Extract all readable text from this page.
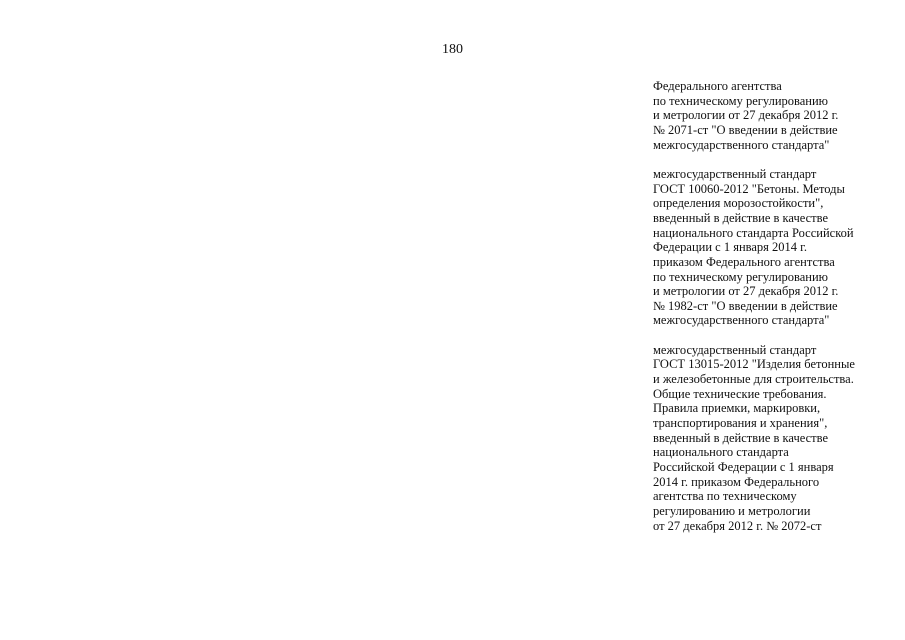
180
Федерального агентства
по техническому регулированию
и метрологии от 27 декабря 2012 г.
№ 2071-ст "О введении в действие
межгосударственного стандарта"
межгосударственный стандарт
ГОСТ 10060-2012 "Бетоны. Методы
определения морозостойкости",
введенный в действие в качестве
национального стандарта Российской
Федерации с 1 января 2014 г.
приказом Федерального агентства
по техническому регулированию
и метрологии от 27 декабря 2012 г.
№ 1982-ст "О введении в действие
межгосударственного стандарта"
межгосударственный стандарт
ГОСТ 13015-2012 "Изделия бетонные
и железобетонные для строительства.
Общие технические требования.
Правила приемки, маркировки,
транспортирования и хранения",
введенный в действие в качестве
национального стандарта
Российской Федерации с 1 января
2014 г. приказом Федерального
агентства по техническому
регулированию и метрологии
от 27 декабря 2012 г. № 2072-ст
